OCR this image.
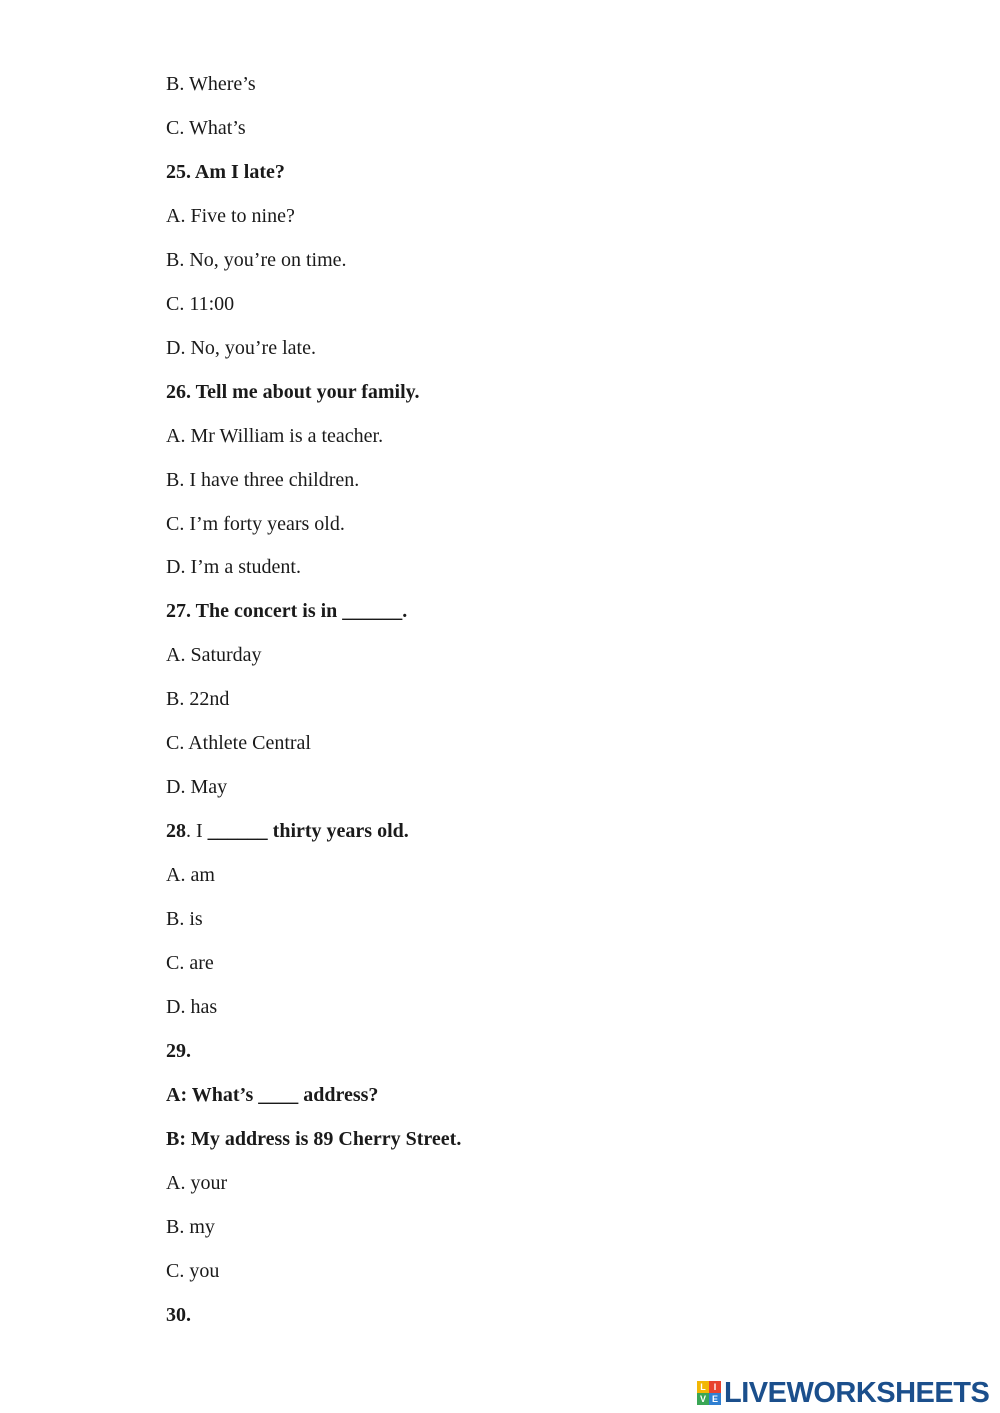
B. Where’s
C. What’s
25. Am I late?
A. Five to nine?
B. No, you’re on time.
C. 11:00
D. No, you’re late.
26. Tell me about your family.
A. Mr William is a teacher.
B. I have three children.
C. I’m forty years old.
D. I’m a student.
27. The concert is in ______.
A. Saturday
B. 22nd
C. Athlete Central
D. May
28. I ______ thirty years old.
A. am
B. is
C. are
D. has
29.
A: What’s ____ address?
B: My address is 89 Cherry Street.
A. your
B. my
C. you
30.
L I
V E LIVEWORKSHEETS
